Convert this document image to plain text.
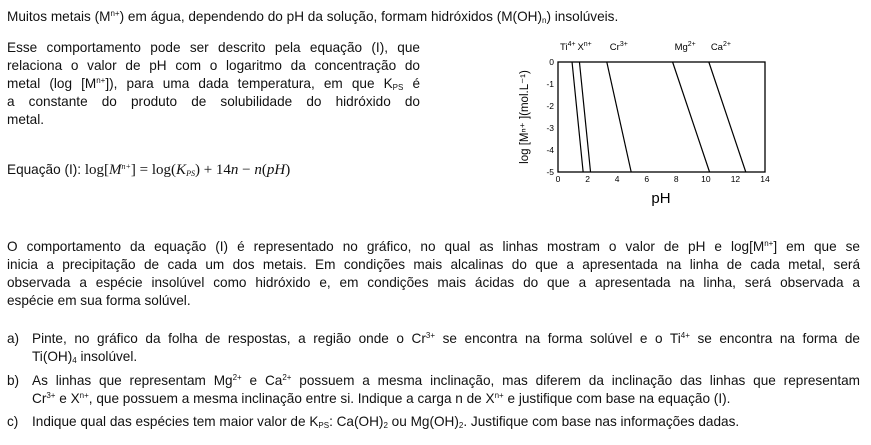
Muitos metais $(M^{n+})$ em água, dependendo do pH da solução, formam hidróxidos $(M(OH)_n)$ insolúveis.
Esse comportamento pode ser descrito pela equação (I), que
relaciona o valor de pH com o logaritmo da concentração do
metal (log $[M^{n+}]$), para uma dada temperatura, em que $K_{PS}$ é
a constante do produto de solubilidade do hidróxido do
metal.
Equação (I): $\log[M^{n+}] = \log(K_{PS}) + 14n - n(pH)$
$Ti^{4+}$ $X^{n+}$ $Cr^{3+}$	$Mg^{2+}$ $Ca^{2+}$
0
-1
-2
-3
-4
-5
0	2	4	6	8	10 12 14
log [Mⁿ⁺ ](mol.L⁻¹)
pH
O comportamento da equação (I) é representado no gráfico, no qual as linhas mostram o valor de pH e $\log[M^{n+}]$ em que se
inicia a precipitação de cada um dos metais. Em condições mais alcalinas do que a apresentada na linha de cada metal, será
observada a espécie insolúvel como hidróxido e, em condições mais ácidas do que a apresentada na linha, será observada a
espécie em sua forma solúvel.
a) Pinte, no gráfico da folha de respostas, a região onde o $Cr^{3+}$ se encontra na forma solúvel e o $Ti^{4+}$ se encontra na forma de
$Ti(OH)_4$ insolúvel.
b) As linhas que representam $Mg^{2+}$ e $Ca^{2+}$ possuem a mesma inclinação, mas diferem da inclinação das linhas que representam
$Cr^{3+}$ e $X^{n+}$, que possuem a mesma inclinação entre si. Indique a carga n de $X^{n+}$ e justifique com base na equação (I).
c) Indique qual das espécies tem maior valor de $K_{PS}$: $Ca(OH)_2$ ou $Mg(OH)_2$. Justifique com base nas informações dadas.
